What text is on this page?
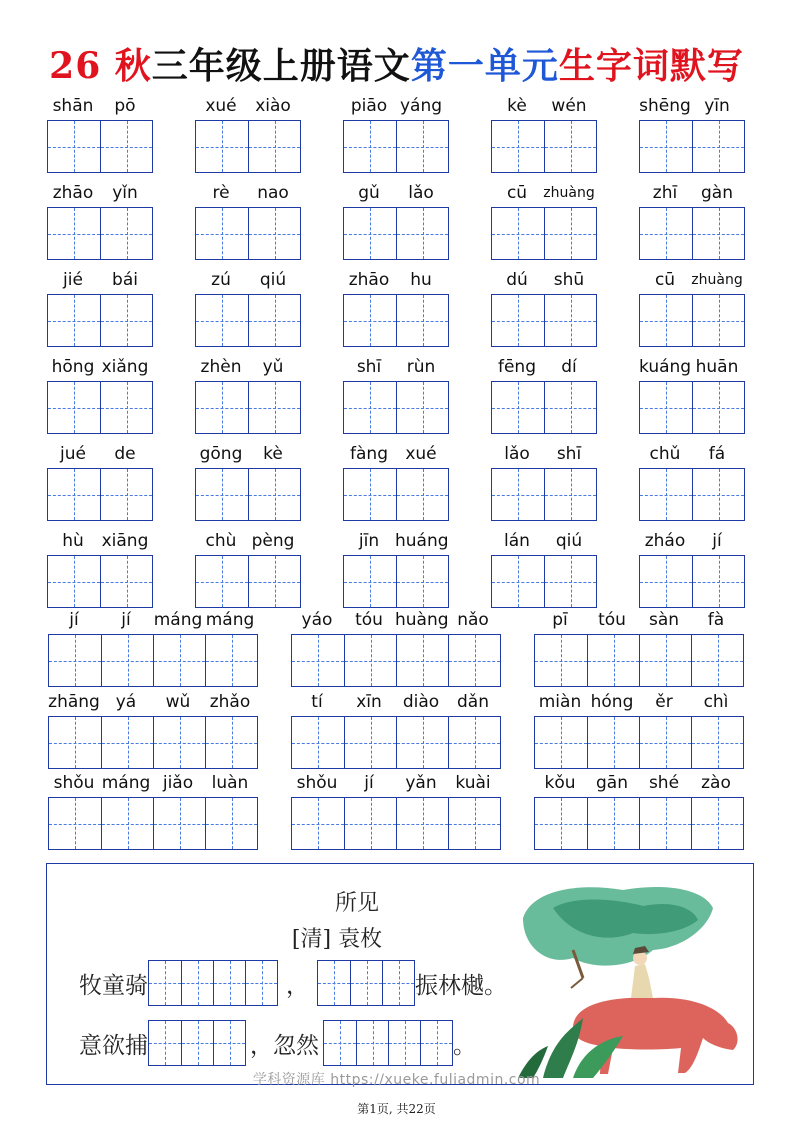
26 秋三年级上册语文第一单元生字词默写
shān	pō	xué	xiào	piāo yáng	kè	wén	shēng yīn
zhāo	yǐn	rè	nao	gǔ	lǎo	cū	zhuàng	zhī	gàn
jié	bái	zú	qiú	zhāo	hu	dú	shū	cū	zhuàng
hōng xiǎng	zhèn	yǔ	shī	rùn	fēng	dí	kuáng huān
jué	de	gōng	kè	fàng	xué	lǎo	shī	chǔ	fá
hù	xiāng	chù pèng	jīn huáng	lán	qiú	zháo	jí
jí	jí	máng máng	yáo	tóu huàng nǎo	pī	tóu	sàn	fà
zhāng yá	wǔ	zhǎo	tí	xīn	diào	dǎn	miàn hóng	ěr	chì
shǒu máng jiǎo	luàn	shǒu	jí	yǎn	kuài	kǒu	gān	shé	zào
所见
[清] 袁枚
牧童骑	，	振林樾。
意欲捕	，忽然	。
学科资源库 https://xueke.fuliadmin.com
第1页, 共22页
